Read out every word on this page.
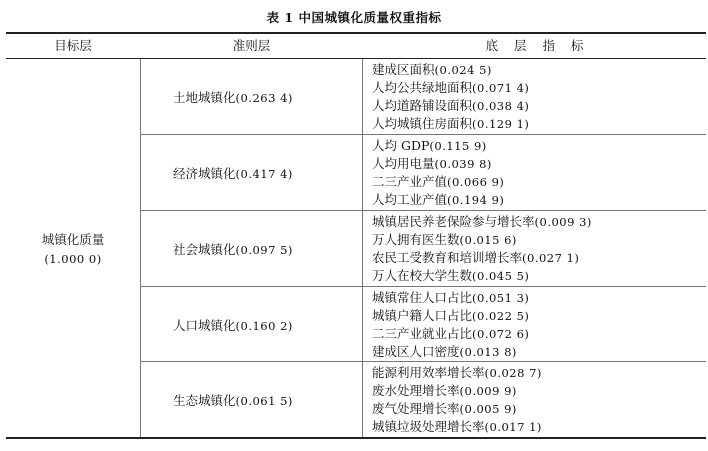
表 1 中国城镇化质量权重指标
目标层	准则层	底    层    指    标
城镇化质量
(1.000 0)
土地城镇化(0.263 4)
建成区面积(0.024 5)
人均公共绿地面积(0.071 4)
人均道路铺设面积(0.038 4)
人均城镇住房面积(0.129 1)
经济城镇化(0.417 4)
人均 GDP(0.115 9)
人均用电量(0.039 8)
二三产业产值(0.066 9)
人均工业产值(0.194 9)
社会城镇化(0.097 5)
城镇居民养老保险参与增长率(0.009 3)
万人拥有医生数(0.015 6)
农民工受教育和培训增长率(0.027 1)
万人在校大学生数(0.045 5)
人口城镇化(0.160 2)
城镇常住人口占比(0.051 3)
城镇户籍人口占比(0.022 5)
二三产业就业占比(0.072 6)
建成区人口密度(0.013 8)
生态城镇化(0.061 5)
能源利用效率增长率(0.028 7)
废水处理增长率(0.009 9)
废气处理增长率(0.005 9)
城镇垃圾处理增长率(0.017 1)
